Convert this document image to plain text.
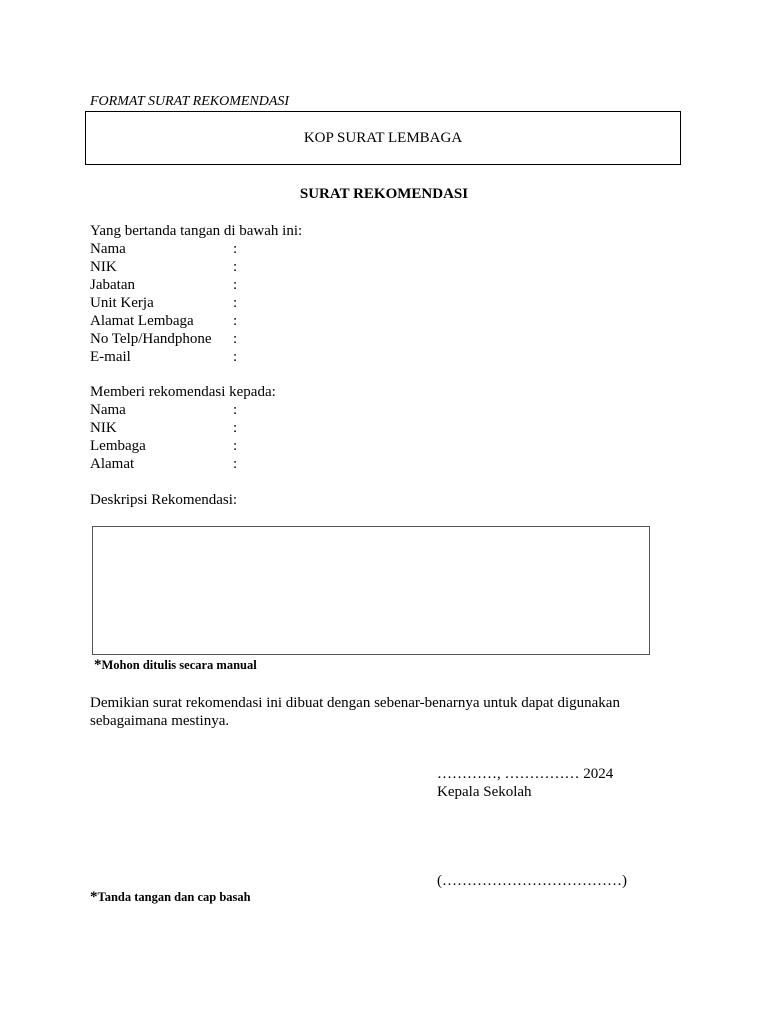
FORMAT SURAT REKOMENDASI
KOP SURAT LEMBAGA
SURAT REKOMENDASI
Yang bertanda tangan di bawah ini:
Nama	:
NIK	:
Jabatan	:
Unit Kerja	:
Alamat Lembaga	:
No Telp/Handphone :
E-mail	:
Memberi rekomendasi kepada:
Nama	:
NIK	:
Lembaga	:
Alamat	:
Deskripsi Rekomendasi:
*Mohon ditulis secara manual
Demikian surat rekomendasi ini dibuat dengan sebenar-benarnya untuk dapat digunakan
sebagaimana mestinya.
…………, …………… 2024
Kepala Sekolah
(………………………………)
*Tanda tangan dan cap basah
